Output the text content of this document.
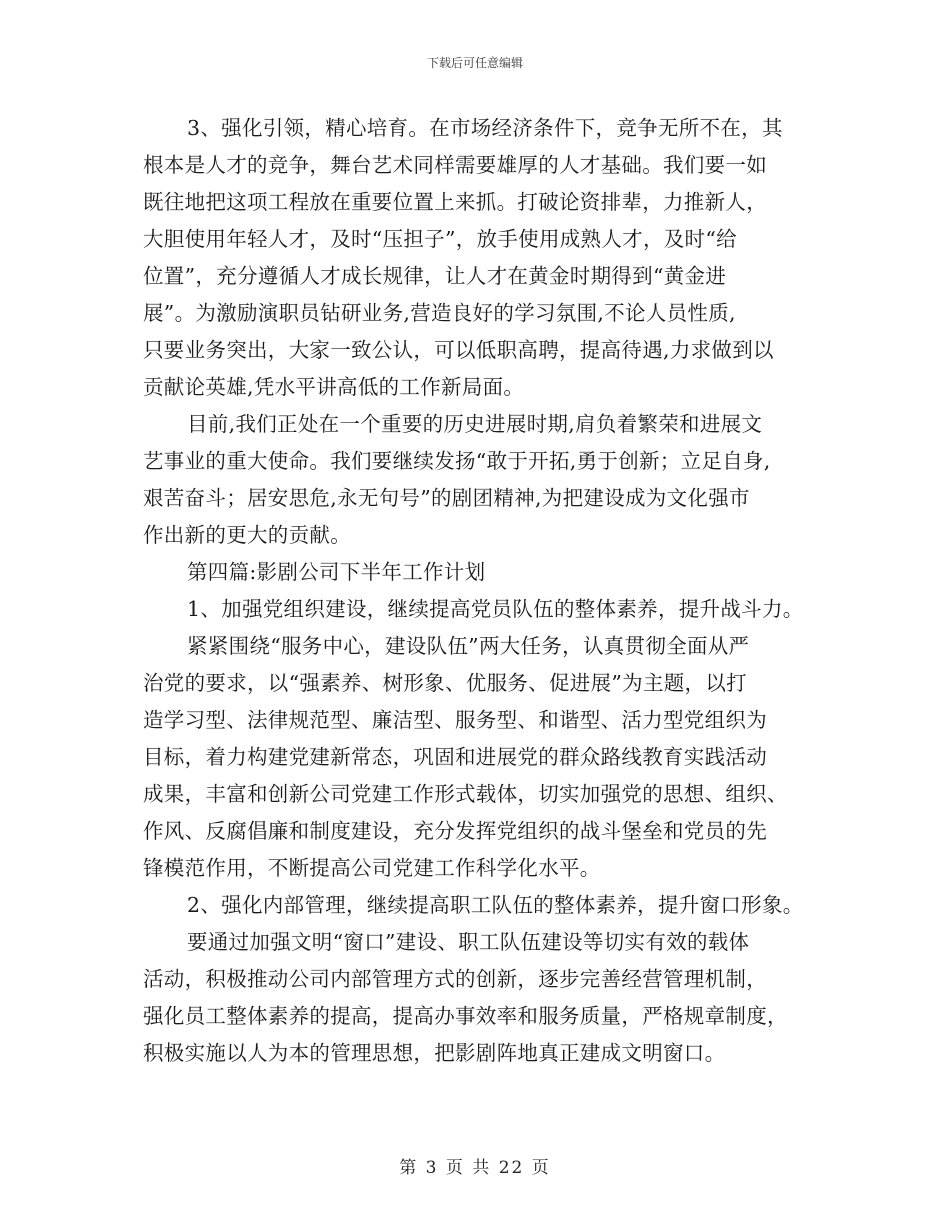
下载后可任意编辑
3、强化引领，精心培育。在市场经济条件下，竞争无所不在，其
根本是人才的竞争，舞台艺术同样需要雄厚的人才基础。我们要一如
既往地把这项工程放在重要位置上来抓。打破论资排辈，力推新人，
大胆使用年轻人才，及时“压担子”，放手使用成熟人才，及时“给
位置”，充分遵循人才成长规律，让人才在黄金时期得到“黄金进
展”。为激励演职员钻研业务,营造良好的学习氛围,不论人员性质,
只要业务突出，大家一致公认，可以低职高聘，提高待遇,力求做到以
贡献论英雄,凭水平讲高低的工作新局面。
目前,我们正处在一个重要的历史进展时期,肩负着繁荣和进展文
艺事业的重大使命。我们要继续发扬“敢于开拓,勇于创新；立足自身,
艰苦奋斗；居安思危,永无句号”的剧团精神,为把建设成为文化强市
作出新的更大的贡献。
第四篇:影剧公司下半年工作计划
1、加强党组织建设，继续提高党员队伍的整体素养，提升战斗力。
紧紧围绕“服务中心，建设队伍”两大任务，认真贯彻全面从严
治党的要求，以“强素养、树形象、优服务、促进展”为主题，以打
造学习型、法律规范型、廉洁型、服务型、和谐型、活力型党组织为
目标，着力构建党建新常态，巩固和进展党的群众路线教育实践活动
成果，丰富和创新公司党建工作形式载体，切实加强党的思想、组织、
作风、反腐倡廉和制度建设，充分发挥党组织的战斗堡垒和党员的先
锋模范作用，不断提高公司党建工作科学化水平。
2、强化内部管理，继续提高职工队伍的整体素养，提升窗口形象。
要通过加强文明“窗口”建设、职工队伍建设等切实有效的载体
活动，积极推动公司内部管理方式的创新，逐步完善经营管理机制，
强化员工整体素养的提高，提高办事效率和服务质量，严格规章制度，
积极实施以人为本的管理思想，把影剧阵地真正建成文明窗口。
第 3 页 共 22 页
